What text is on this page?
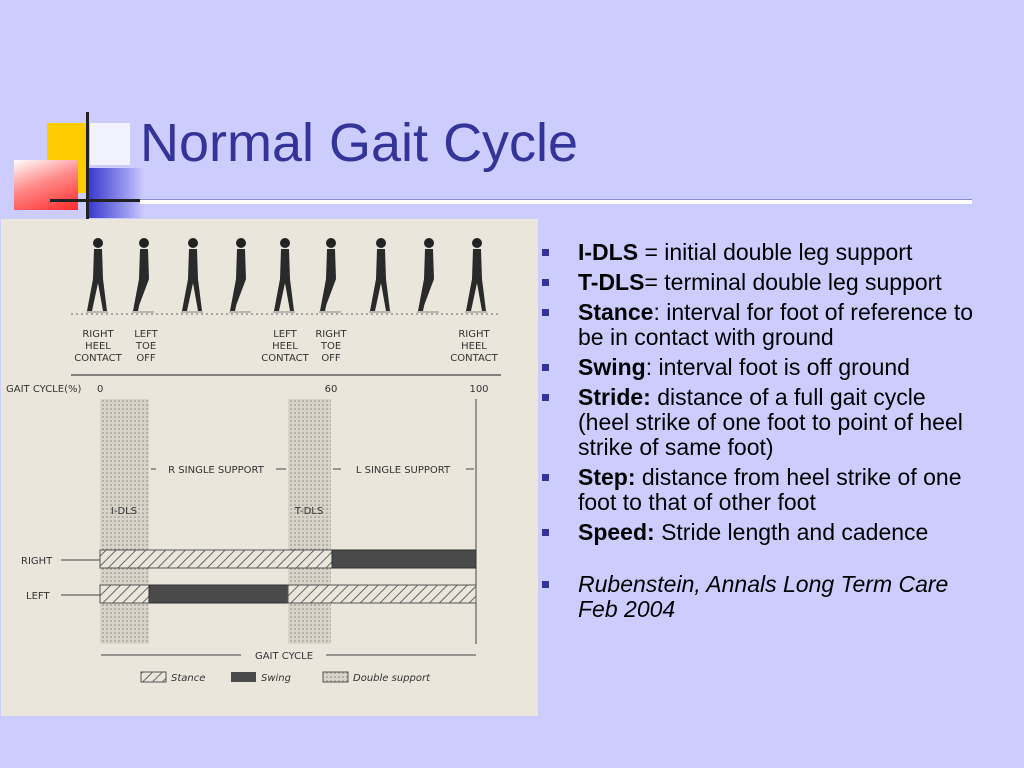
Normal Gait Cycle
RIGHT HEEL CONTACT
LEFT TOE OFF
LEFT HEEL CONTACT
RIGHT TOE OFF
RIGHT HEEL CONTACT
GAIT CYCLE(%) 0	60	100
R SINGLE SUPPORT	L SINGLE SUPPORT
I-DLS	T-DLS
RIGHT
LEFT
GAIT CYCLE
Stance	Swing	Double support
I-DLS = initial double leg support
T-DLS= terminal double leg support
Stance: interval for foot of reference to be in contact with ground
Swing: interval foot is off ground
Stride: distance of a full gait cycle (heel strike of one foot to point of heel strike of same foot)
Step: distance from heel strike of one foot to that of other foot
Speed: Stride length and cadence
Rubenstein, Annals Long Term Care Feb 2004
